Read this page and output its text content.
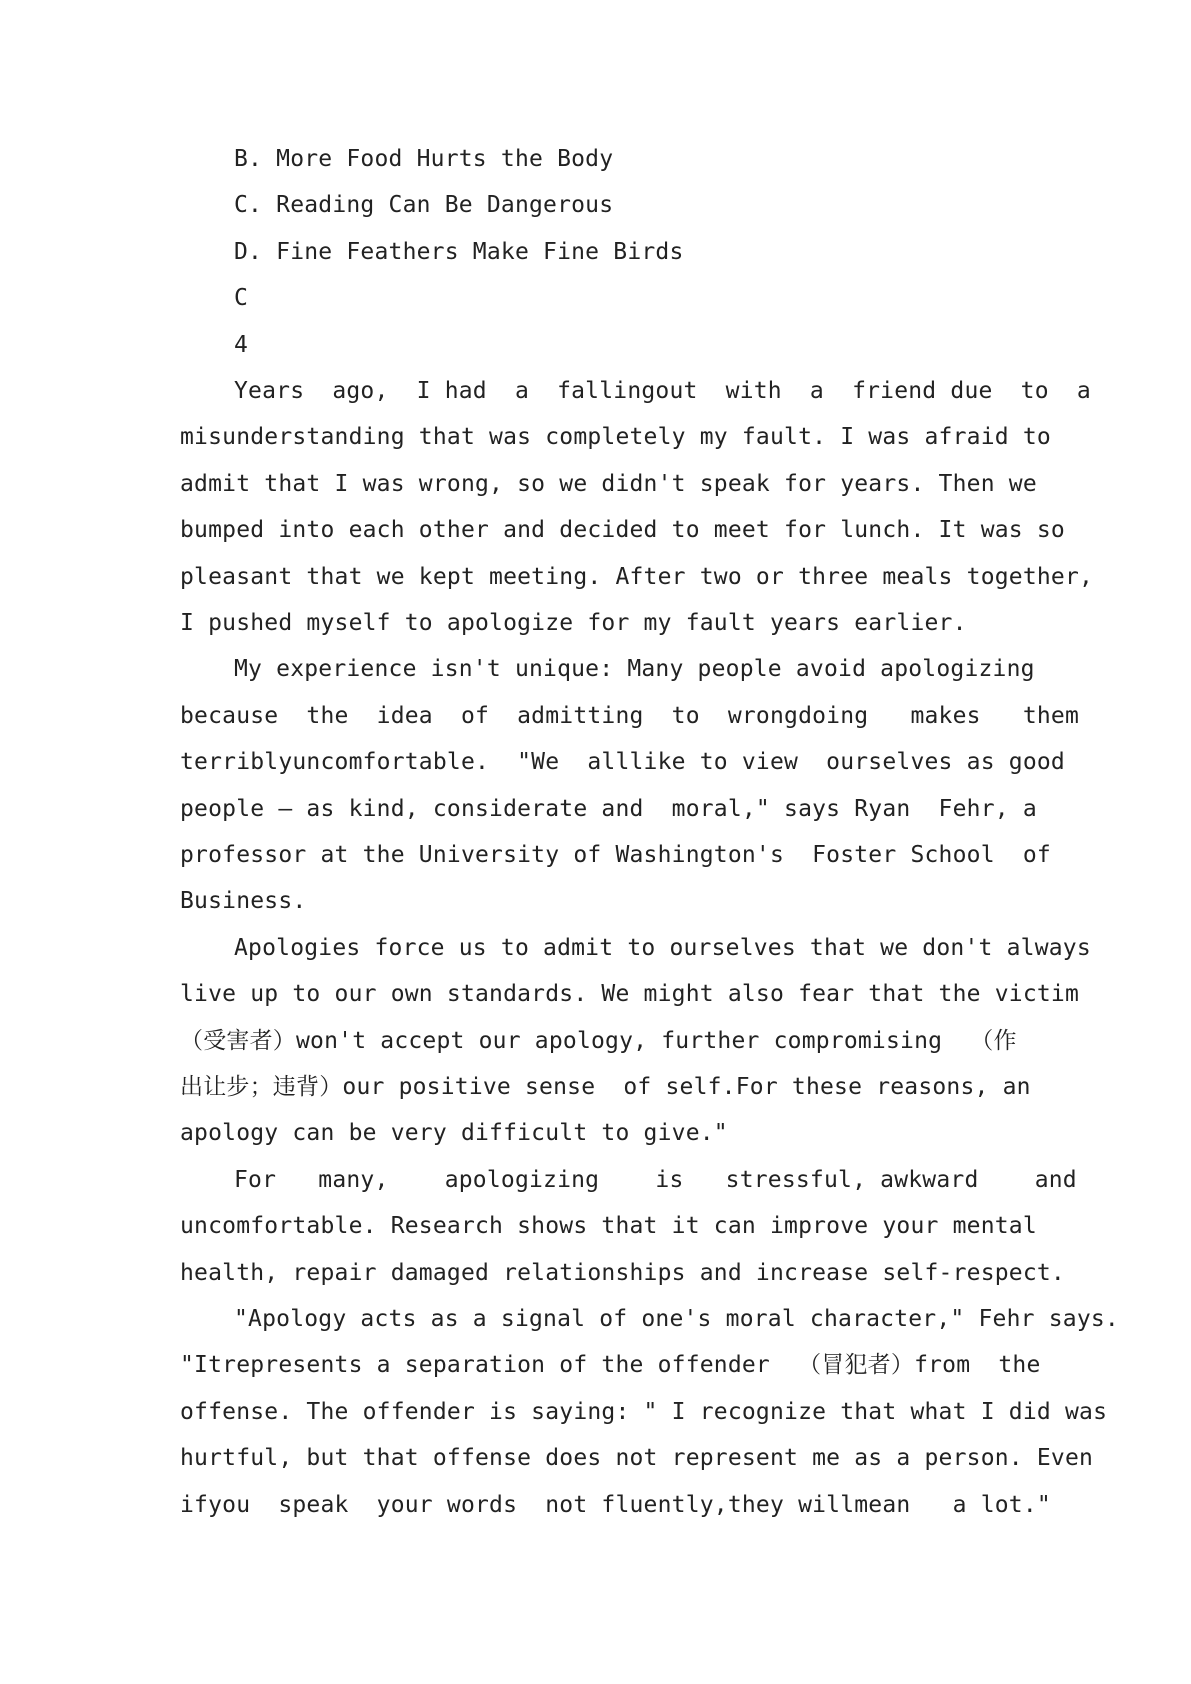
B. More Food Hurts the Body
C. Reading Can Be Dangerous
D. Fine Feathers Make Fine Birds
C
4
Years  ago,  I had  a  fallingout  with  a  friend due  to  a
misunderstanding that was completely my fault. I was afraid to
admit that I was wrong, so we didn't speak for years. Then we
bumped into each other and decided to meet for lunch. It was so
pleasant that we kept meeting. After two or three meals together,
I pushed myself to apologize for my fault years earlier.
My experience isn't unique: Many people avoid apologizing
because  the  idea  of  admitting  to  wrongdoing   makes   them
terriblyuncomfortable.  "We  alllike to view  ourselves as good
people — as kind, considerate and  moral," says Ryan  Fehr, a
professor at the University of Washington's  Foster School  of
Business.
Apologies force us to admit to ourselves that we don't always
live up to our own standards. We might also fear that the victim
（受害者）won't accept our apology, further compromising  （作
出让步；违背）our positive sense  of self.For these reasons, an
apology can be very difficult to give."
For   many,    apologizing    is   stressful, awkward    and
uncomfortable. Research shows that it can improve your mental
health, repair damaged relationships and increase self-respect.
"Apology acts as a signal of one's moral character," Fehr says.
"Itrepresents a separation of the offender  （冒犯者）from  the
offense. The offender is saying: " I recognize that what I did was
hurtful, but that offense does not represent me as a person. Even
ifyou  speak  your words  not fluently,they willmean   a lot."
